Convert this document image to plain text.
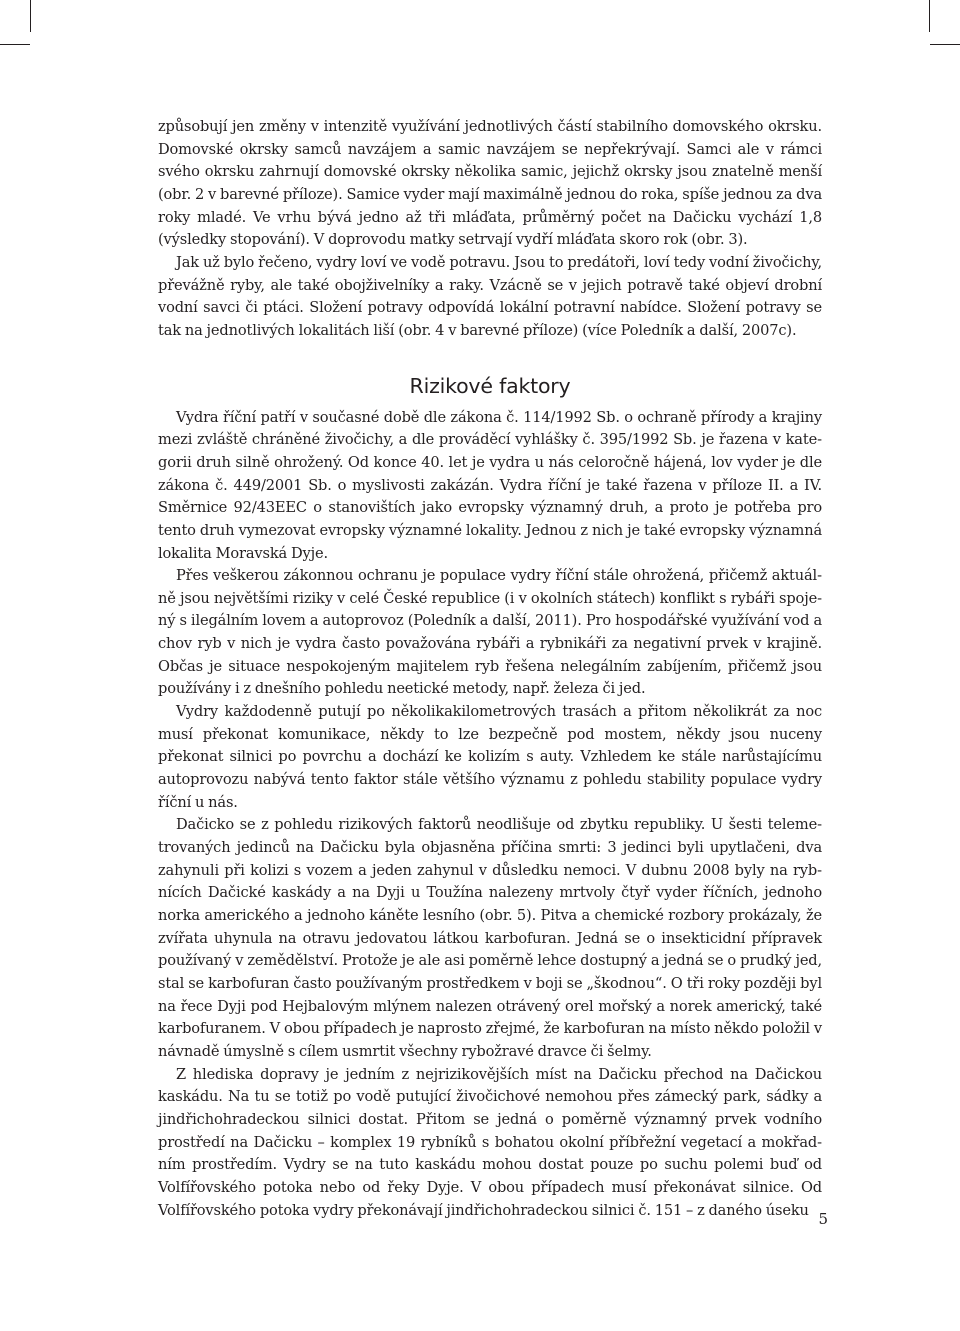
způsobují jen změny v intenzitě využívání jednotlivých částí stabilního domovského okrsku. Domovské okrsky samců navzájem a samic navzájem se nepřekrývají. Samci ale v rámci svého okrsku zahrnují domovské okrsky několika samic, jejichž okrsky jsou znatelně menší (obr. 2 v barevné příloze). Samice vyder mají maximálně jednou do roka, spíše jednou za dva roky mladé. Ve vrhu bývá jedno až tři mláďata, průměrný počet na Dačicku vychází 1,8 (výsledky stopování). V doprovodu matky setrvají vydří mláďata skoro rok (obr. 3).

Jak už bylo řečeno, vydry loví ve vodě potravu. Jsou to predátoři, loví tedy vodní živočichy, převážně ryby, ale také obojživelníky a raky. Vzácně se v jejich potravě také objeví drobní vodní savci či ptáci. Složení potravy odpovídá lokální potravní nabídce. Složení potravy se tak na jednotlivých lokalitách liší (obr. 4 v barevné příloze) (více Poledník a další, 2007c).

Rizikové faktory

Vydra říční patří v současné době dle zákona č. 114/1992 Sb. o ochraně přírody a krajiny mezi zvláště chráněné živočichy, a dle prováděcí vyhlášky č. 395/1992 Sb. je řazena v kategorii druh silně ohrožený. Od konce 40. let je vydra u nás celoročně hájená, lov vyder je dle zákona č. 449/2001 Sb. o myslivosti zakázán. Vydra říční je také řazena v příloze II. a IV. Směrnice 92/43EEC o stanovištích jako evropsky významný druh, a proto je potřeba pro tento druh vymezovat evropsky významné lokality. Jednou z nich je také evropsky významná lokalita Moravská Dyje.

Přes veškerou zákonnou ochranu je populace vydry říční stále ohrožená, přičemž aktuálně jsou největšími riziky v celé České republice (i v okolních státech) konflikt s rybáři spojený s ilegálním lovem a autoprovoz (Poledník a další, 2011). Pro hospodářské využívání vod a chov ryb v nich je vydra často považována rybáři a rybnikáři za negativní prvek v krajině. Občas je situace nespokojeným majitelem ryb řešena nelegálním zabíjením, přičemž jsou používány i z dnešního pohledu neetické metody, např. železa či jed.

Vydry každodenně putují po několikakilometrových trasách a přitom několikrát za noc musí překonat komunikace, někdy to lze bezpečně pod mostem, někdy jsou nuceny překonat silnici po povrchu a dochází ke kolizím s auty. Vzhledem ke stále narůstajícímu autoprovozu nabývá tento faktor stále většího významu z pohledu stability populace vydry říční u nás.

Dačicko se z pohledu rizikových faktorů neodlišuje od zbytku republiky. U šesti telemetrovaných jedinců na Dačicku byla objasněna příčina smrti: 3 jedinci byli upytlačeni, dva zahynuli při kolizi s vozem a jeden zahynul v důsledku nemoci. V dubnu 2008 byly na rybnících Dačické kaskády a na Dyji u Toužína nalezeny mrtvoly čtyř vyder říčních, jednoho norka amerického a jednoho káněte lesního (obr. 5). Pitva a chemické rozbory prokázaly, že zvířata uhynula na otravu jedovatou látkou karbofuran. Jedná se o insekticidní přípravek používaný v zemědělství. Protože je ale asi poměrně lehce dostupný a jedná se o prudký jed, stal se karbofuran často používaným prostředkem v boji se „škodnou“. O tři roky později byl na řece Dyji pod Hejbalovým mlýnem nalezen otrávený orel mořský a norek americký, také karbofuranem. V obou případech je naprosto zřejmé, že karbofuran na místo někdo položil v návnadě úmyslně s cílem usmrtit všechny rybožravé dravce či šelmy.

Z hlediska dopravy je jedním z nejrizikovějších míst na Dačicku přechod na Dačickou kaskádu. Na tu se totiž po vodě putující živočichové nemohou přes zámecký park, sádky a jindřichohradeckou silnici dostat. Přitom se jedná o poměrně významný prvek vodního prostředí na Dačicku – komplex 19 rybníků s bohatou okolní příbřežní vegetací a mokřadním prostředím. Vydry se na tuto kaskádu mohou dostat pouze po suchu polemi buď od Volfířovského potoka nebo od řeky Dyje. V obou případech musí překonávat silnice. Od Volfířovského potoka vydry překonávají jindřichohradeckou silnici č. 151 – z daného úseku 5
